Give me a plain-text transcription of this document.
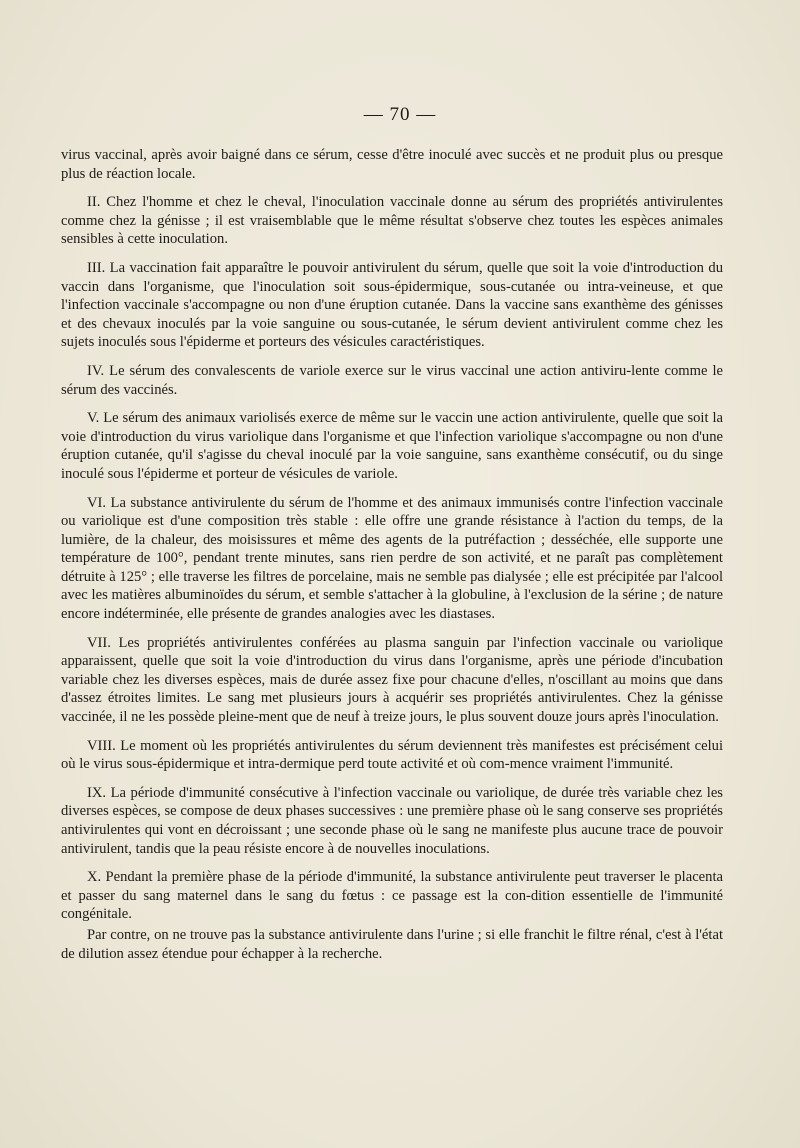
— 70 —

virus vaccinal, après avoir baigné dans ce sérum, cesse d'être inoculé avec succès et ne produit plus ou presque plus de réaction locale.

II. Chez l'homme et chez le cheval, l'inoculation vaccinale donne au sérum des propriétés antivirulentes comme chez la génisse ; il est vraisemblable que le même résultat s'observe chez toutes les espèces animales sensibles à cette inoculation.

III. La vaccination fait apparaître le pouvoir antivirulent du sérum, quelle que soit la voie d'introduction du vaccin dans l'organisme, que l'inoculation soit sous-épidermique, sous-cutanée ou intra-veineuse, et que l'infection vaccinale s'accompagne ou non d'une éruption cutanée. Dans la vaccine sans exanthème des génisses et des chevaux inoculés par la voie sanguine ou sous-cutanée, le sérum devient antivirulent comme chez les sujets inoculés sous l'épiderme et porteurs des vésicules caractéristiques.

IV. Le sérum des convalescents de variole exerce sur le virus vaccinal une action antiviru-lente comme le sérum des vaccinés.

V. Le sérum des animaux variolisés exerce de même sur le vaccin une action antivirulente, quelle que soit la voie d'introduction du virus variolique dans l'organisme et que l'infection variolique s'accompagne ou non d'une éruption cutanée, qu'il s'agisse du cheval inoculé par la voie sanguine, sans exanthème consécutif, ou du singe inoculé sous l'épiderme et porteur de vésicules de variole.

VI. La substance antivirulente du sérum de l'homme et des animaux immunisés contre l'infection vaccinale ou variolique est d'une composition très stable : elle offre une grande résistance à l'action du temps, de la lumière, de la chaleur, des moisissures et même des agents de la putréfaction ; desséchée, elle supporte une température de 100°, pendant trente minutes, sans rien perdre de son activité, et ne paraît pas complètement détruite à 125° ; elle traverse les filtres de porcelaine, mais ne semble pas dialysée ; elle est précipitée par l'alcool avec les matières albuminoïdes du sérum, et semble s'attacher à la globuline, à l'exclusion de la sérine ; de nature encore indéterminée, elle présente de grandes analogies avec les diastases.

VII. Les propriétés antivirulentes conférées au plasma sanguin par l'infection vaccinale ou variolique apparaissent, quelle que soit la voie d'introduction du virus dans l'organisme, après une période d'incubation variable chez les diverses espèces, mais de durée assez fixe pour chacune d'elles, n'oscillant au moins que dans d'assez étroites limites. Le sang met plusieurs jours à acquérir ses propriétés antivirulentes. Chez la génisse vaccinée, il ne les possède pleine-ment que de neuf à treize jours, le plus souvent douze jours après l'inoculation.

VIII. Le moment où les propriétés antivirulentes du sérum deviennent très manifestes est précisément celui où le virus sous-épidermique et intra-dermique perd toute activité et où com-mence vraiment l'immunité.

IX. La période d'immunité consécutive à l'infection vaccinale ou variolique, de durée très variable chez les diverses espèces, se compose de deux phases successives : une première phase où le sang conserve ses propriétés antivirulentes qui vont en décroissant ; une seconde phase où le sang ne manifeste plus aucune trace de pouvoir antivirulent, tandis que la peau résiste encore à de nouvelles inoculations.

X. Pendant la première phase de la période d'immunité, la substance antivirulente peut traverser le placenta et passer du sang maternel dans le sang du fœtus : ce passage est la con-dition essentielle de l'immunité congénitale.

Par contre, on ne trouve pas la substance antivirulente dans l'urine ; si elle franchit le filtre rénal, c'est à l'état de dilution assez étendue pour échapper à la recherche.
